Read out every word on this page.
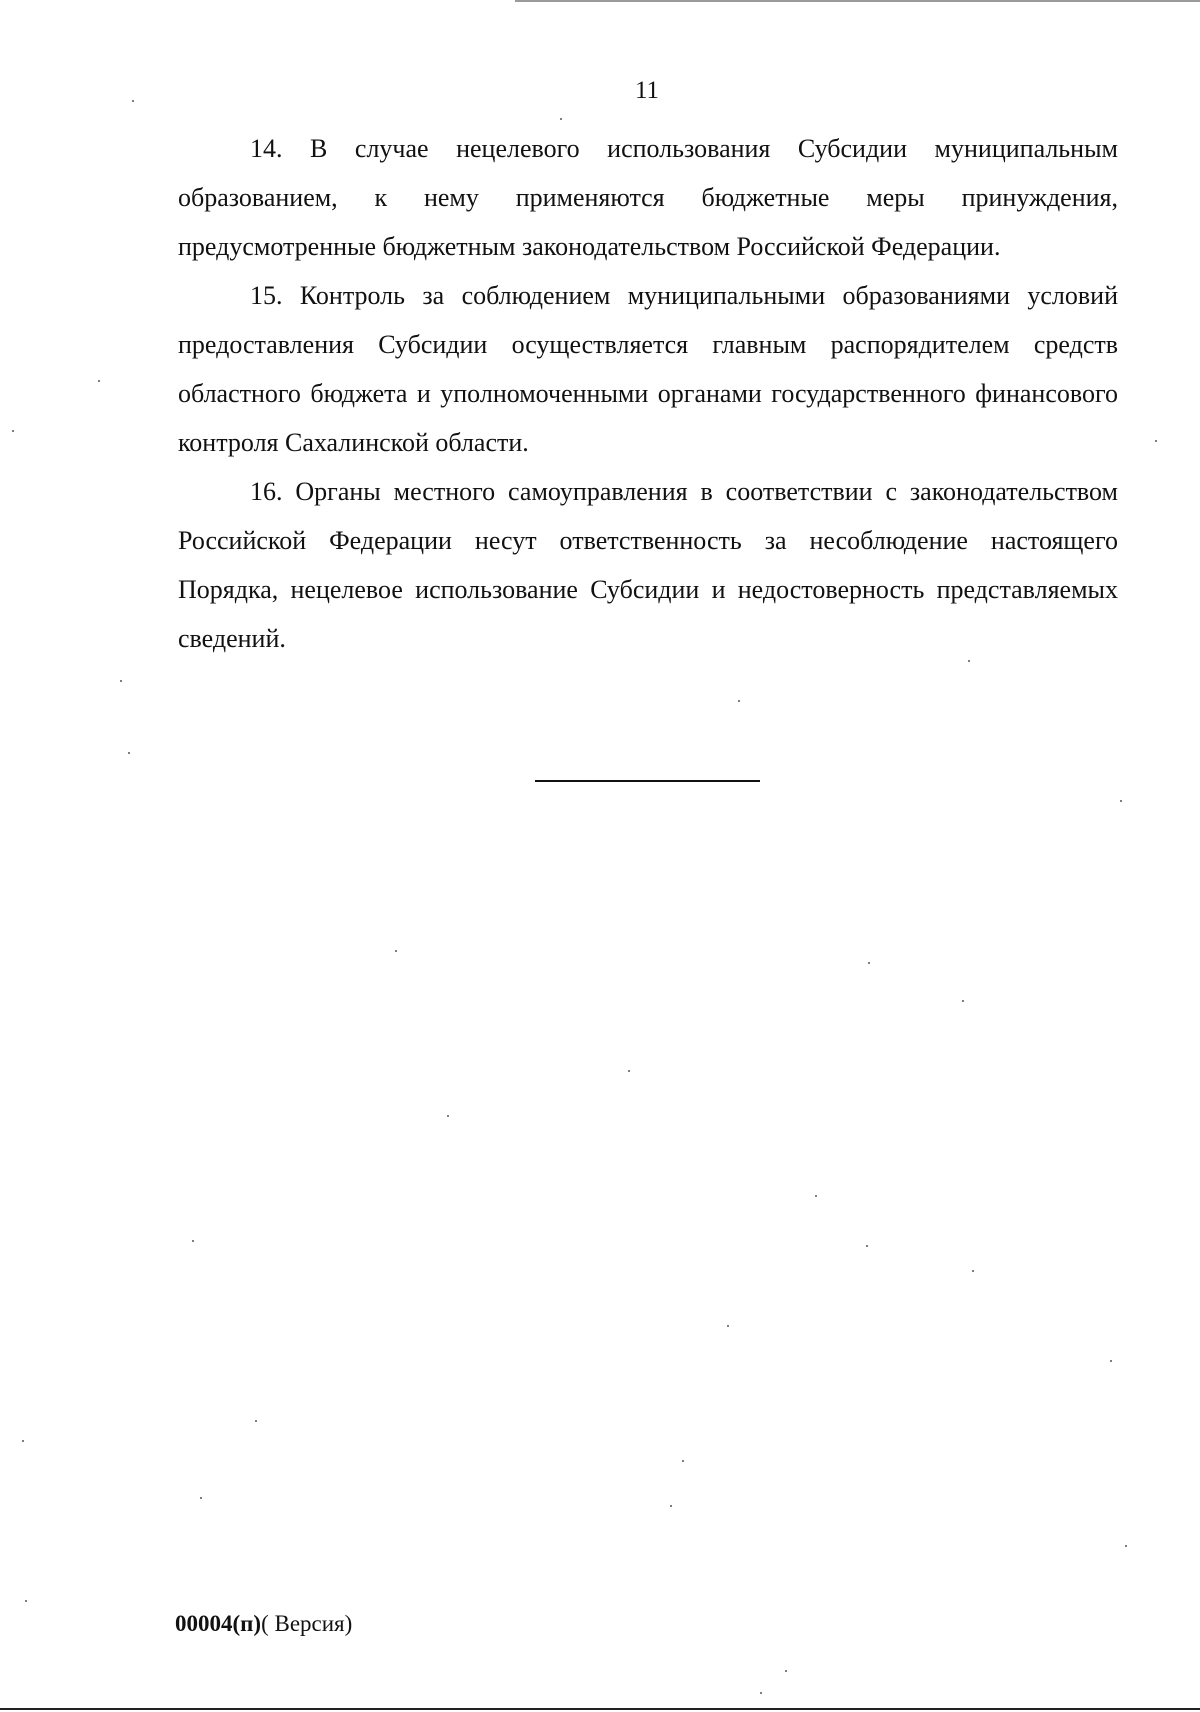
11

14. В случае нецелевого использования Субсидии муниципальным образованием, к нему применяются бюджетные меры принуждения, предусмотренные бюджетным законодательством Российской Федерации.

15. Контроль за соблюдением муниципальными образованиями условий предоставления Субсидии осуществляется главным распорядителем средств областного бюджета и уполномоченными органами государственного финансового контроля Сахалинской области.

16. Органы местного самоуправления в соответствии с законодательством Российской Федерации несут ответственность за несоблюдение настоящего Порядка, нецелевое использование Субсидии и недостоверность представляемых сведений.

00004(п)( Версия)
